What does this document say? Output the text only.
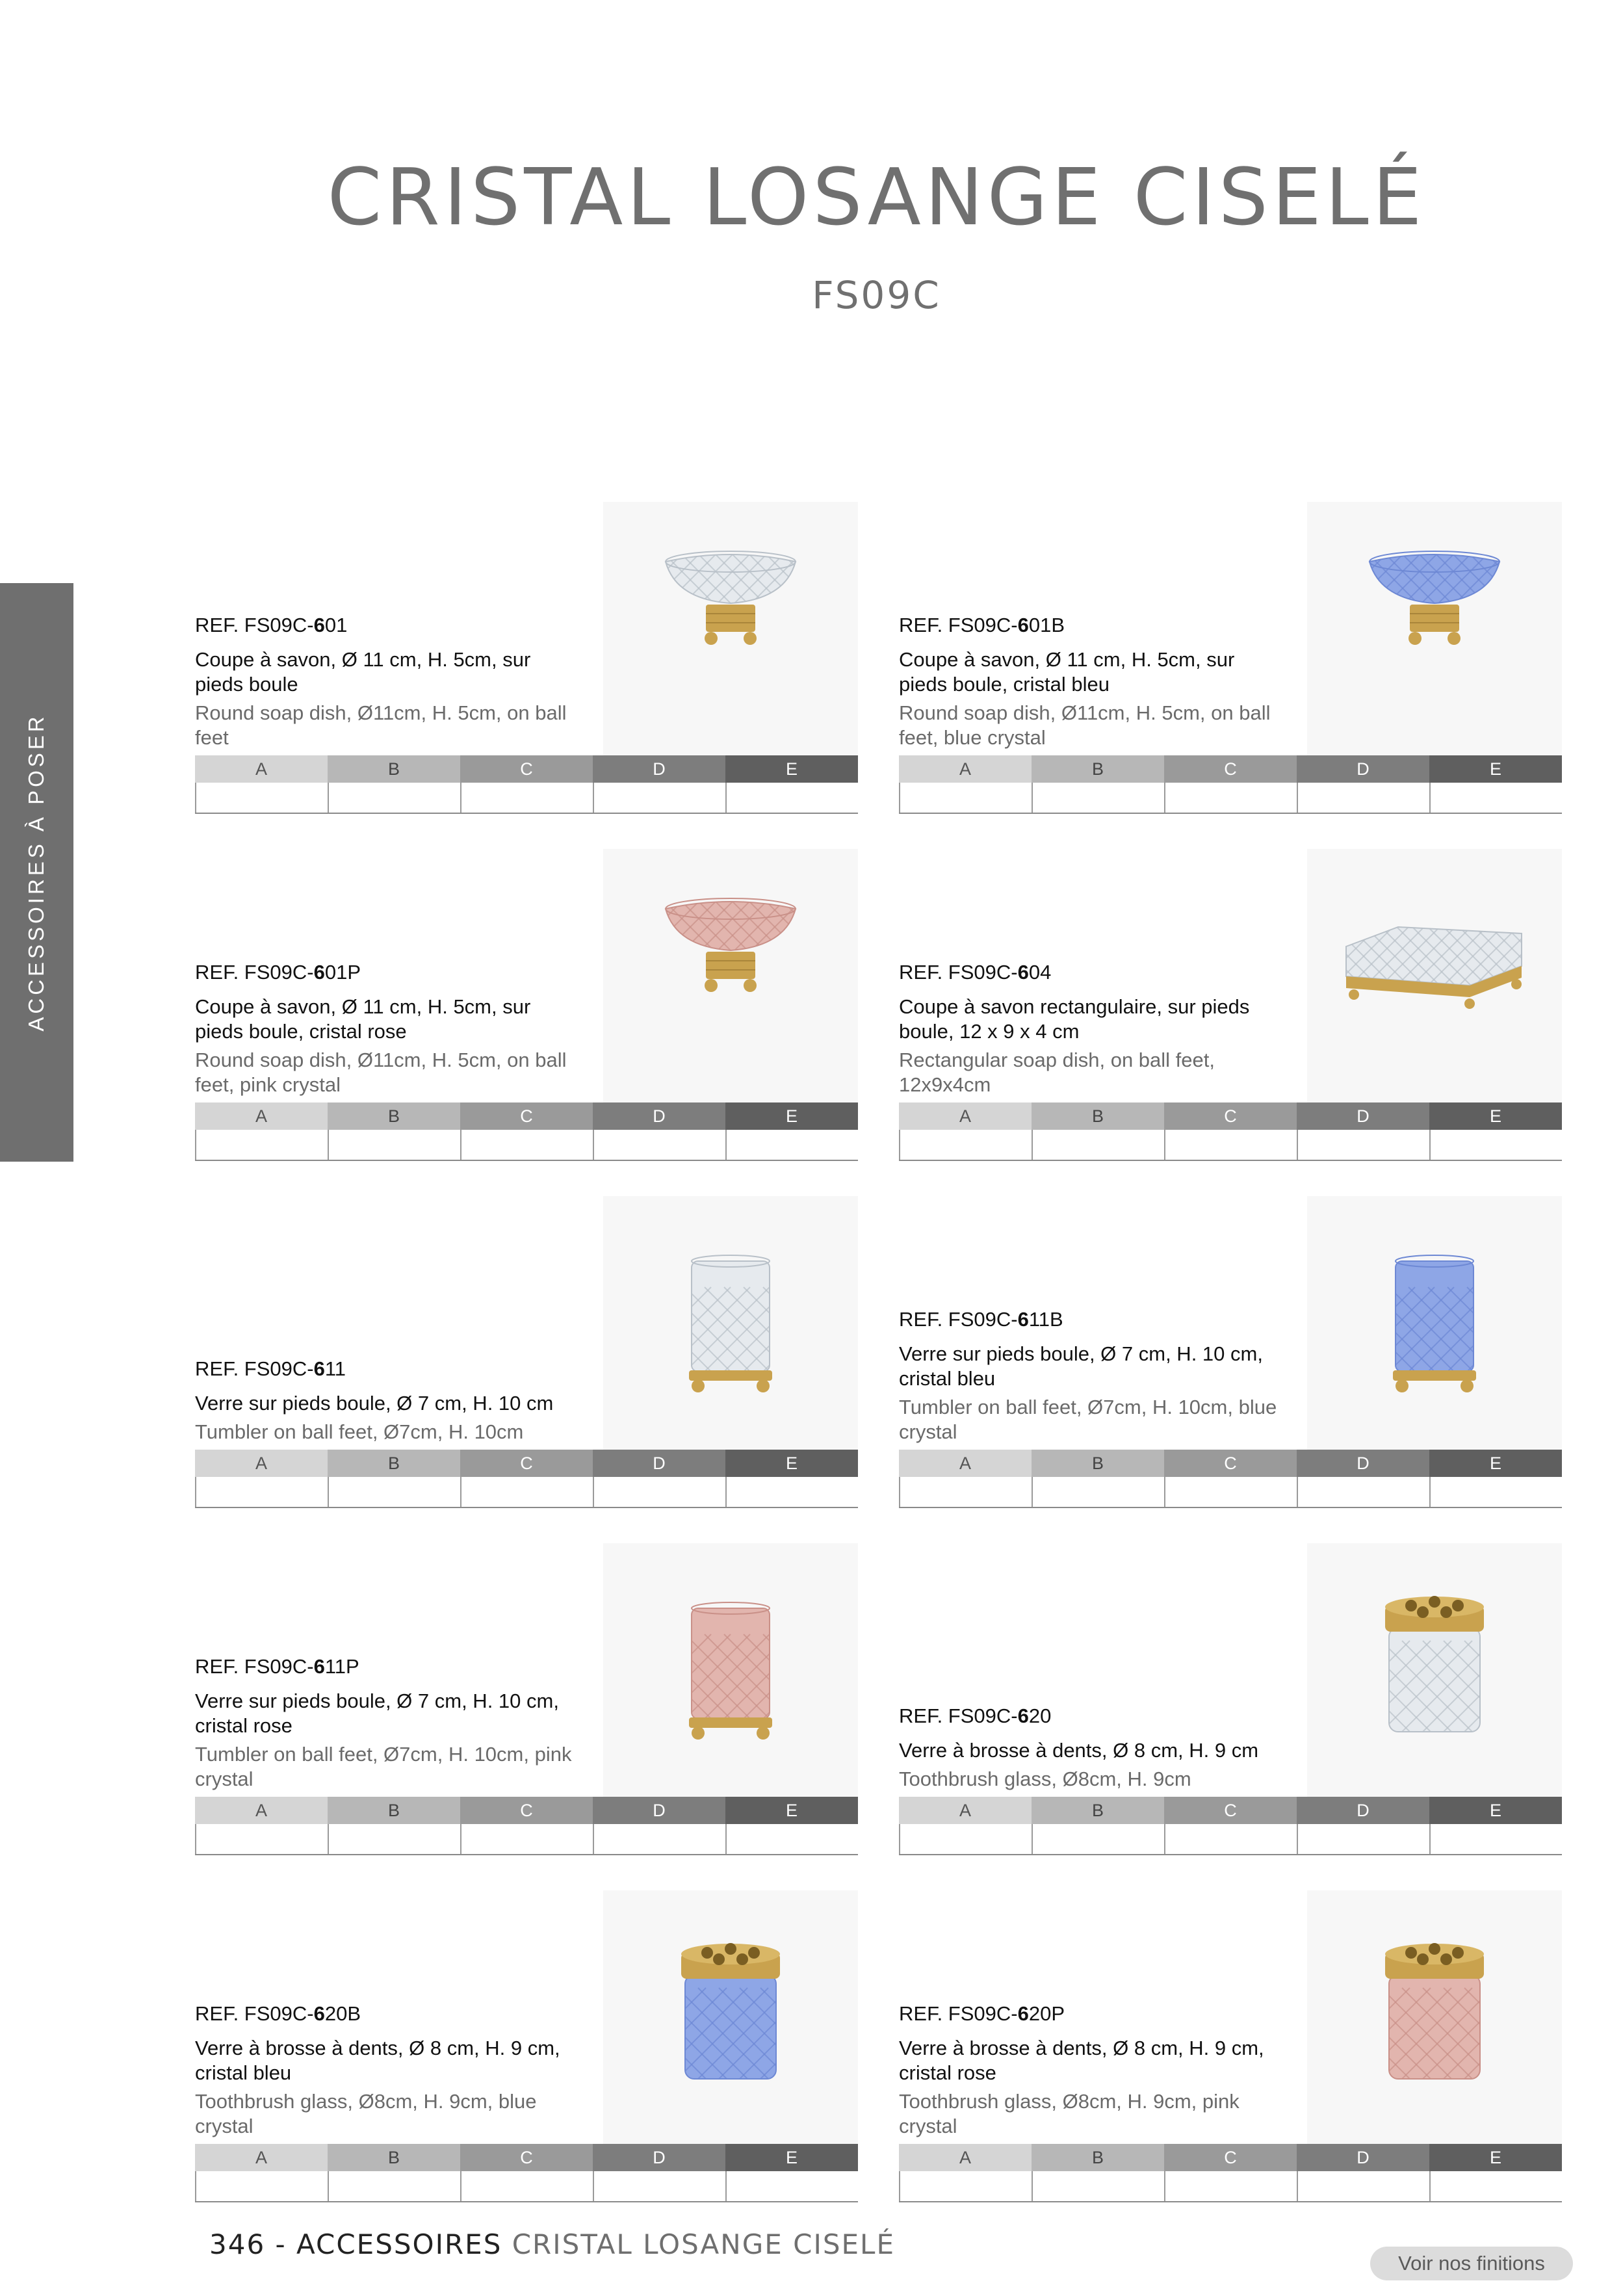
CRISTAL LOSANGE CISELÉ
FS09C
ACCESSOIRES À POSER
REF. FS09C-601
Coupe à savon, Ø 11 cm, H. 5cm, sur
pieds boule
Round soap dish, Ø11cm, H. 5cm, on ball
feet
A	B	C	D	E
REF. FS09C-601B
Coupe à savon, Ø 11 cm, H. 5cm, sur
pieds boule, cristal bleu
Round soap dish, Ø11cm, H. 5cm, on ball
feet, blue crystal
A	B	C	D	E
REF. FS09C-601P
Coupe à savon, Ø 11 cm, H. 5cm, sur
pieds boule, cristal rose
Round soap dish, Ø11cm, H. 5cm, on ball
feet, pink crystal
A	B	C	D	E
REF. FS09C-604
Coupe à savon rectangulaire, sur pieds
boule, 12 x 9 x 4 cm
Rectangular soap dish, on ball feet,
12x9x4cm
A	B	C	D	E
REF. FS09C-611
Verre sur pieds boule, Ø 7 cm, H. 10 cm
Tumbler on ball feet, Ø7cm, H. 10cm
A	B	C	D	E
REF. FS09C-611B
Verre sur pieds boule, Ø 7 cm, H. 10 cm,
cristal bleu
Tumbler on ball feet, Ø7cm, H. 10cm, blue
crystal
A	B	C	D	E
REF. FS09C-611P
Verre sur pieds boule, Ø 7 cm, H. 10 cm,
cristal rose
Tumbler on ball feet, Ø7cm, H. 10cm, pink
crystal
A	B	C	D	E
REF. FS09C-620
Verre à brosse à dents, Ø 8 cm, H. 9 cm
Toothbrush glass, Ø8cm, H. 9cm
A	B	C	D	E
REF. FS09C-620B
Verre à brosse à dents, Ø 8 cm, H. 9 cm,
cristal bleu
Toothbrush glass, Ø8cm, H. 9cm, blue
crystal
A	B	C	D	E
REF. FS09C-620P
Verre à brosse à dents, Ø 8 cm, H. 9 cm,
cristal rose
Toothbrush glass, Ø8cm, H. 9cm, pink
crystal
A	B	C	D	E
346 - ACCESSOIRES CRISTAL LOSANGE CISELÉ
Voir nos finitions
